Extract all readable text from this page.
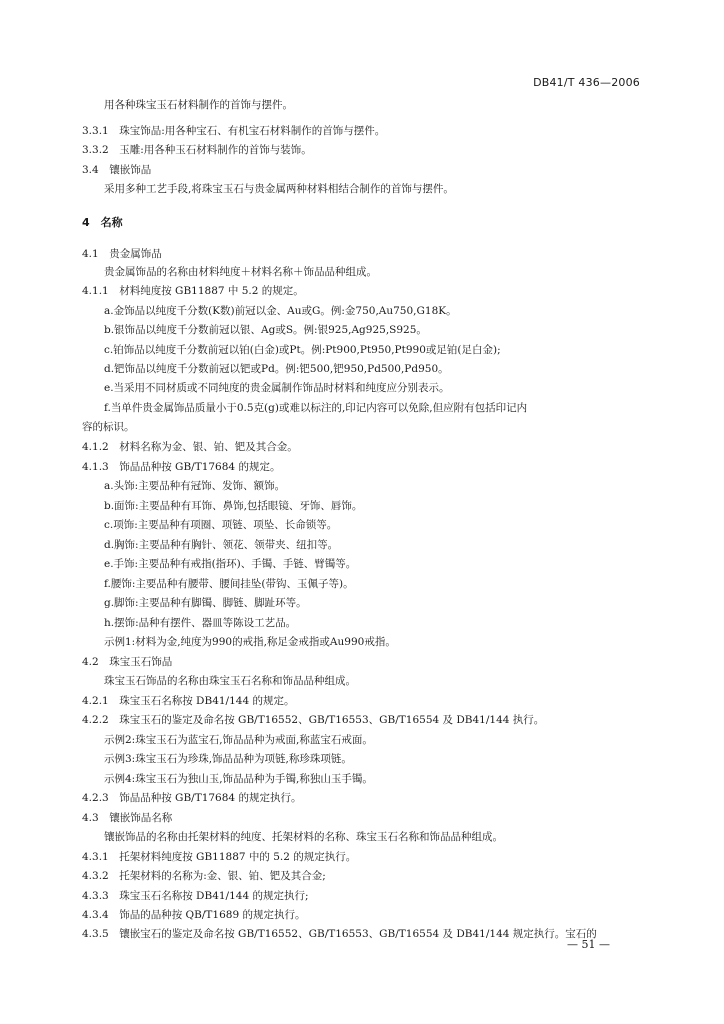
DB41/T 436—2006
用各种珠宝玉石材料制作的首饰与摆件。
3.3.1　珠宝饰品:用各种宝石、有机宝石材料制作的首饰与摆件。
3.3.2　玉雕:用各种玉石材料制作的首饰与装饰。
3.4　镶嵌饰品
采用多种工艺手段,将珠宝玉石与贵金属两种材料相结合制作的首饰与摆件。
4　名称
4.1　贵金属饰品
贵金属饰品的名称由材料纯度＋材料名称＋饰品品种组成。
4.1.1　材料纯度按 GB11887 中 5.2 的规定。
a.金饰品以纯度千分数(K数)前冠以金、Au或G。例:金750,Au750,G18K。
b.银饰品以纯度千分数前冠以银、Ag或S。例:银925,Ag925,S925。
c.铂饰品以纯度千分数前冠以铂(白金)或Pt。例:Pt900,Pt950,Pt990或足铂(足白金);
d.钯饰品以纯度千分数前冠以钯或Pd。例:钯500,钯950,Pd500,Pd950。
e.当采用不同材质或不同纯度的贵金属制作饰品时材料和纯度应分别表示。
f.当单件贵金属饰品质量小于0.5克(g)或难以标注的,印记内容可以免除,但应附有包括印记内
容的标识。
4.1.2　材料名称为金、银、铂、钯及其合金。
4.1.3　饰品品种按 GB/T17684 的规定。
a.头饰:主要品种有冠饰、发饰、额饰。
b.面饰:主要品种有耳饰、鼻饰,包括眼镜、牙饰、唇饰。
c.项饰:主要品种有项圈、项链、项坠、长命锁等。
d.胸饰:主要品种有胸针、领花、领带夹、纽扣等。
e.手饰:主要品种有戒指(指环)、手镯、手链、臂镯等。
f.腰饰:主要品种有腰带、腰间挂坠(带钩、玉佩子等)。
g.脚饰:主要品种有脚镯、脚链、脚趾环等。
h.摆饰:品种有摆件、器皿等陈设工艺品。
示例1:材料为金,纯度为990的戒指,称足金戒指或Au990戒指。
4.2　珠宝玉石饰品
珠宝玉石饰品的名称由珠宝玉石名称和饰品品种组成。
4.2.1　珠宝玉石名称按 DB41/144 的规定。
4.2.2　珠宝玉石的鉴定及命名按 GB/T16552、GB/T16553、GB/T16554 及 DB41/144 执行。
示例2:珠宝玉石为蓝宝石,饰品品种为戒面,称蓝宝石戒面。
示例3:珠宝玉石为珍珠,饰品品种为项链,称珍珠项链。
示例4:珠宝玉石为独山玉,饰品品种为手镯,称独山玉手镯。
4.2.3　饰品品种按 GB/T17684 的规定执行。
4.3　镶嵌饰品名称
镶嵌饰品的名称由托架材料的纯度、托架材料的名称、珠宝玉石名称和饰品品种组成。
4.3.1　托架材料纯度按 GB11887 中的 5.2 的规定执行。
4.3.2　托架材料的名称为:金、银、铂、钯及其合金;
4.3.3　珠宝玉石名称按 DB41/144 的规定执行;
4.3.4　饰品的品种按 QB/T1689 的规定执行。
4.3.5　镶嵌宝石的鉴定及命名按 GB/T16552、GB/T16553、GB/T16554 及 DB41/144 规定执行。宝石的
— 51 —
